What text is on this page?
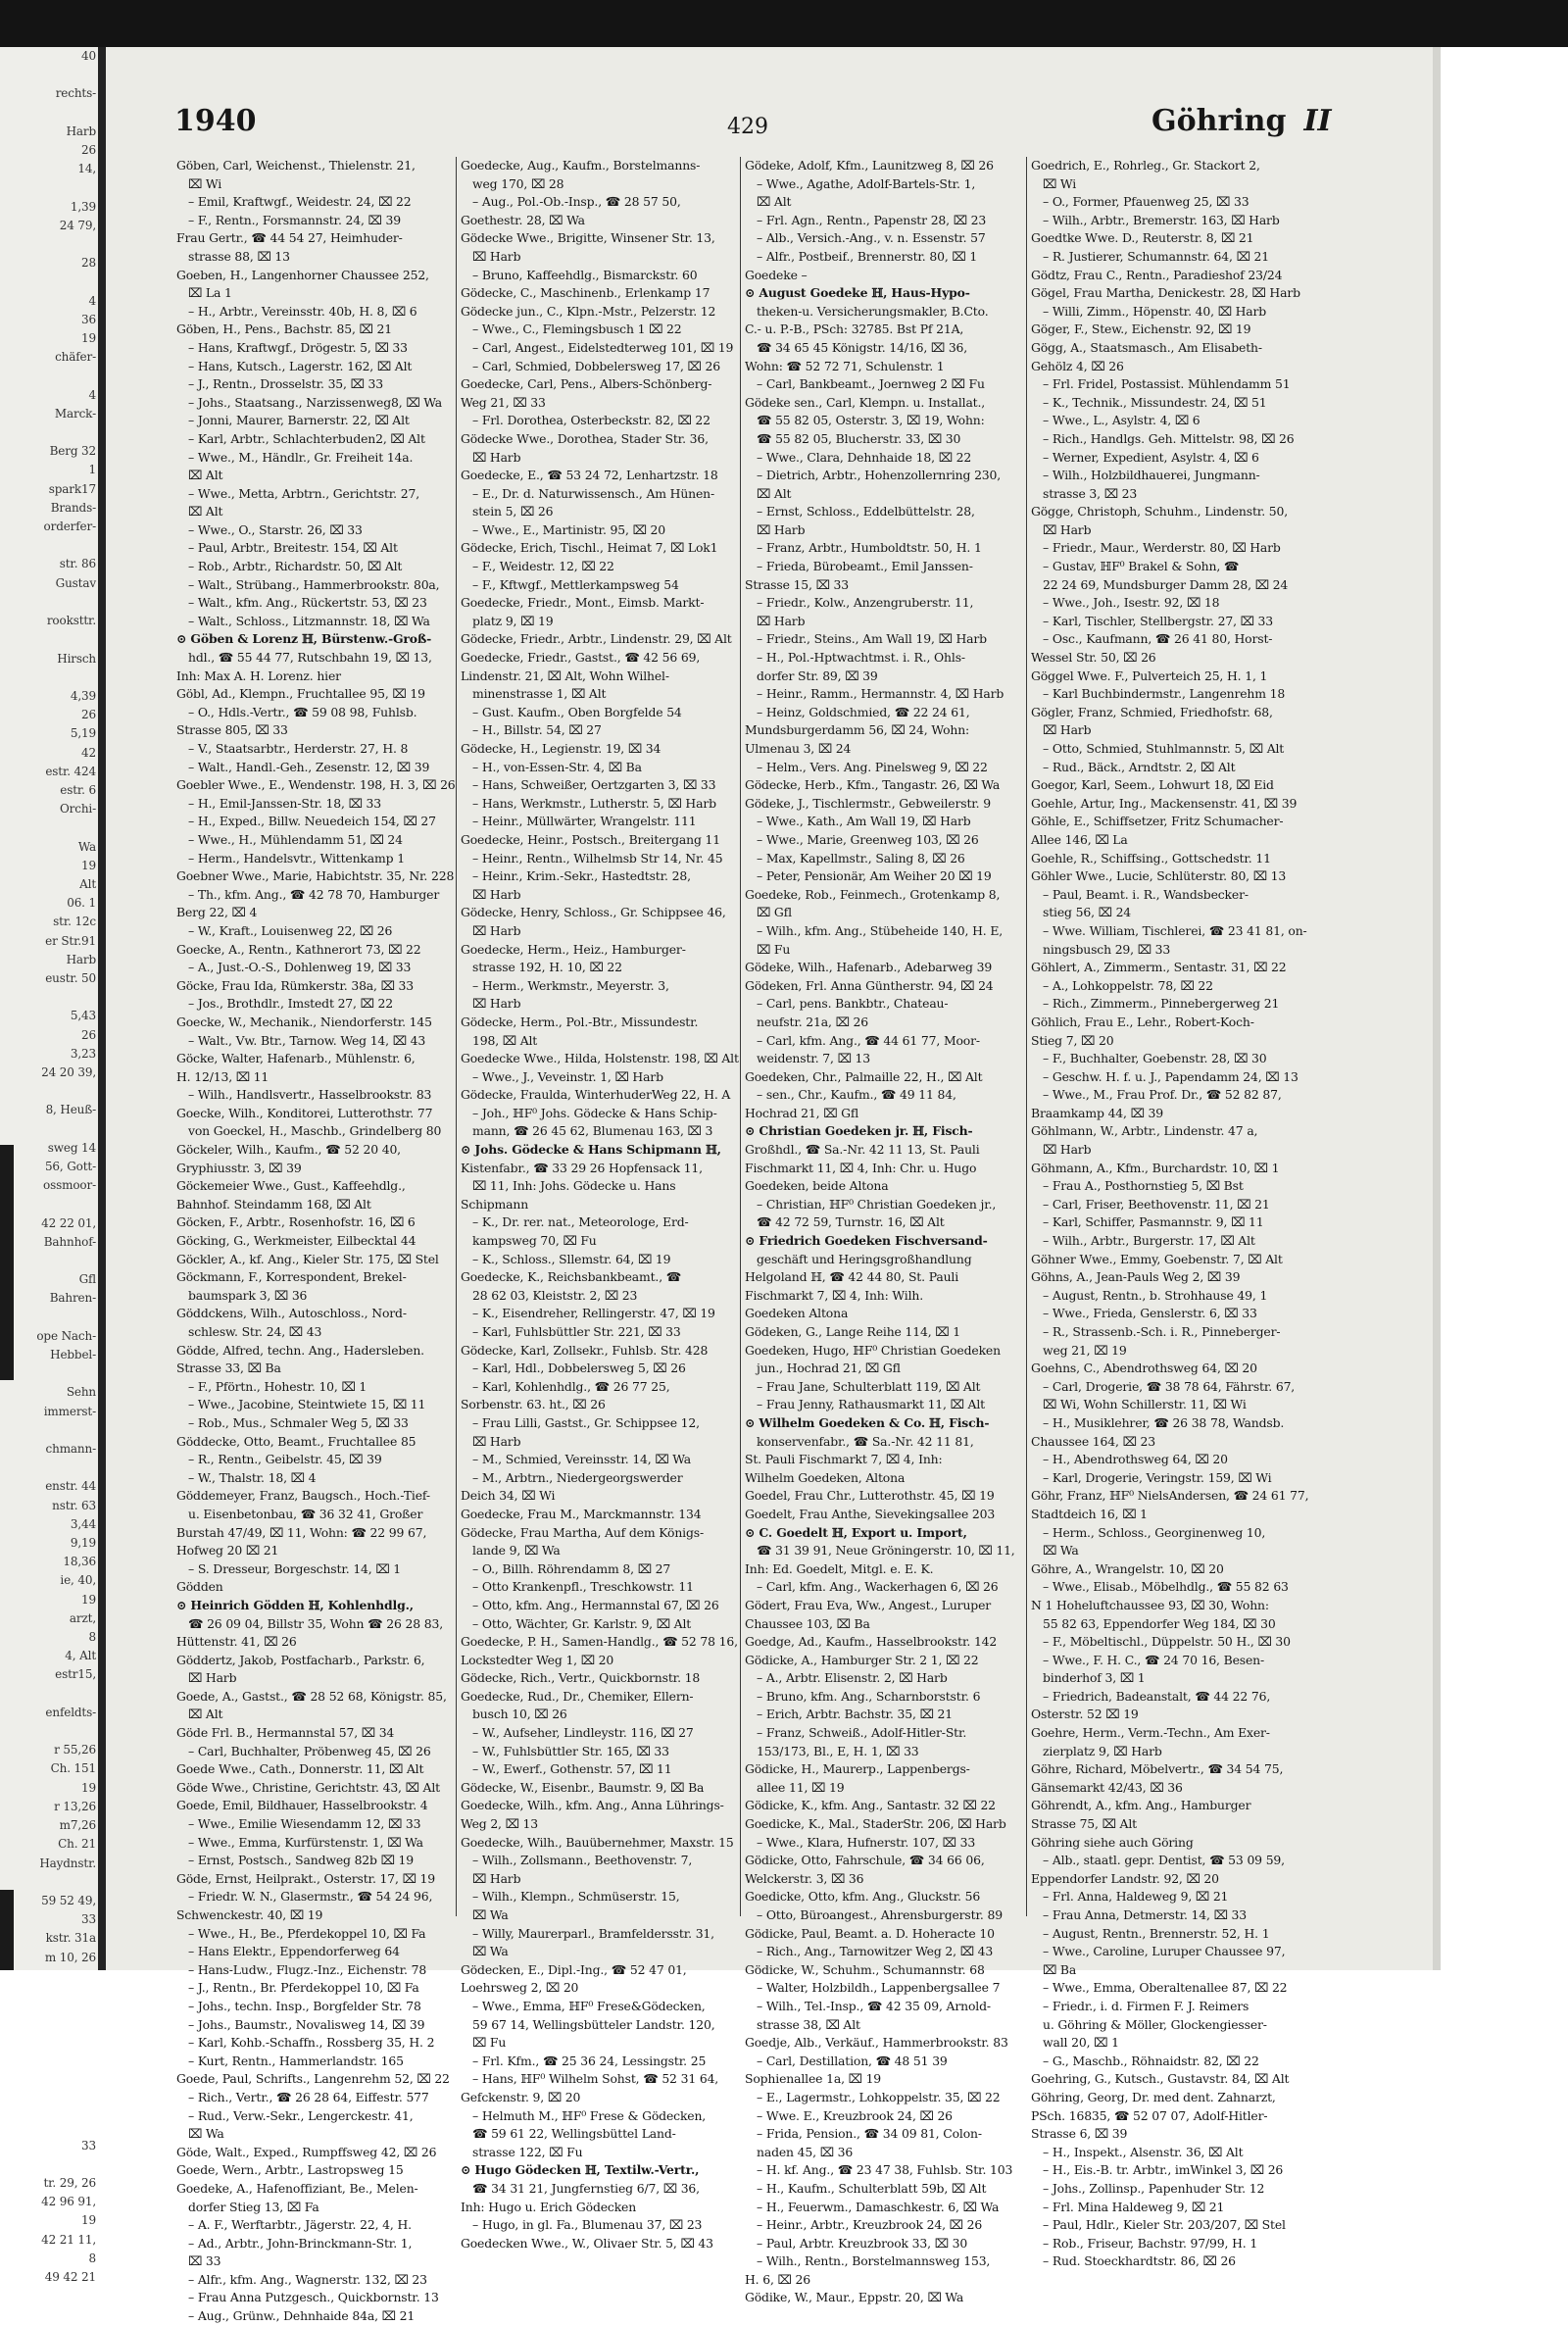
40

rechts-

Harb
26
14,

1,39
24 79,

28

4
36
19
chäfer-

4
Marck-

Berg 32
1
spark17
Brands-
orderfer-

str. 86
Gustav

rooksttr.

Hirsch

4,39
26
5,19
42
estr. 424
estr. 6
Orchi-

Wa
19
Alt
06. 1
str. 12c
er Str.91
Harb
eustr. 50

5,43
26
3,23
24 20 39,

8, Heuß-

sweg 14
56, Gott-
ossmoor-

42 22 01,
Bahnhof-

Gfl
Bahren-

ope Nach-
Hebbel-

Sehn
immerst-

chmann-

enstr. 44
nstr. 63
3,44
9,19
18,36
ie, 40,
19
arzt,
8
4, Alt
estr15,

enfeldts-

r 55,26
Ch. 151
19
r 13,26
m7,26
Ch. 21
Haydnstr.

59 52 49,
33
kstr. 31a
m 10, 26

33

tr. 29, 26
42 96 91,
19
42 21 11,
8
49 42 21
1940	429	Göhring II
Göben, Carl, Weichenst., Thielenstr. 21,
⌧ Wi
– Emil, Kraftwgf., Weidestr. 24, ⌧ 22
– F., Rentn., Forsmannstr. 24, ⌧ 39
Frau Gertr., ☎ 44 54 27, Heimhuder-
strasse 88, ⌧ 13
Goeben, H., Langenhorner Chaussee 252,
⌧ La 1
– H., Arbtr., Vereinsstr. 40b, H. 8, ⌧ 6
Göben, H., Pens., Bachstr. 85, ⌧ 21
– Hans, Kraftwgf., Drögestr. 5, ⌧ 33
– Hans, Kutsch., Lagerstr. 162, ⌧ Alt
– J., Rentn., Drosselstr. 35, ⌧ 33
– Johs., Staatsang., Narzissenweg8, ⌧ Wa
– Jonni, Maurer, Barnerstr. 22, ⌧ Alt
– Karl, Arbtr., Schlachterbuden2, ⌧ Alt
– Wwe., M., Händlr., Gr. Freiheit 14a.
⌧ Alt
– Wwe., Metta, Arbtrn., Gerichtstr. 27,
⌧ Alt
– Wwe., O., Starstr. 26, ⌧ 33
– Paul, Arbtr., Breitestr. 154, ⌧ Alt
– Rob., Arbtr., Richardstr. 50, ⌧ Alt
– Walt., Strübang., Hammerbrookstr. 80a,
– Walt., kfm. Ang., Rückertstr. 53, ⌧ 23
– Walt., Schloss., Litzmannstr. 18, ⌧ Wa
⊙ Göben & Lorenz ℍ, Bürstenw.-Groß-
hdl., ☎ 55 44 77, Rutschbahn 19, ⌧ 13,
Inh: Max A. H. Lorenz. hier
Göbl, Ad., Klempn., Fruchtallee 95, ⌧ 19
– O., Hdls.-Vertr., ☎ 59 08 98, Fuhlsb.
Strasse 805, ⌧ 33
– V., Staatsarbtr., Herderstr. 27, H. 8
– Walt., Handl.-Geh., Zesenstr. 12, ⌧ 39
Goebler Wwe., E., Wendenstr. 198, H. 3, ⌧ 26
– H., Emil-Janssen-Str. 18, ⌧ 33
– H., Exped., Billw. Neuedeich 154, ⌧ 27
– Wwe., H., Mühlendamm 51, ⌧ 24
– Herm., Handelsvtr., Wittenkamp 1
Goebner Wwe., Marie, Habichtstr. 35, Nr. 228
– Th., kfm. Ang., ☎ 42 78 70, Hamburger
Berg 22, ⌧ 4
– W., Kraft., Louisenweg 22, ⌧ 26
Goecke, A., Rentn., Kathnerort 73, ⌧ 22
– A., Just.-O.-S., Dohlenweg 19, ⌧ 33
Göcke, Frau Ida, Rümkerstr. 38a, ⌧ 33
– Jos., Brothdlr., Imstedt 27, ⌧ 22
Goecke, W., Mechanik., Niendorferstr. 145
– Walt., Vw. Btr., Tarnow. Weg 14, ⌧ 43
Göcke, Walter, Hafenarb., Mühlenstr. 6,
H. 12/13, ⌧ 11
– Wilh., Handlsvertr., Hasselbrookstr. 83
Goecke, Wilh., Konditorei, Lutterothstr. 77
von Goeckel, H., Maschb., Grindelberg 80
Göckeler, Wilh., Kaufm., ☎ 52 20 40,
Gryphiusstr. 3, ⌧ 39
Göckemeier Wwe., Gust., Kaffeehdlg.,
Bahnhof. Steindamm 168, ⌧ Alt
Göcken, F., Arbtr., Rosenhofstr. 16, ⌧ 6
Göcking, G., Werkmeister, Eilbecktal 44
Göckler, A., kf. Ang., Kieler Str. 175, ⌧ Stel
Göckmann, F., Korrespondent, Brekel-
baumspark 3, ⌧ 36
Göddckens, Wilh., Autoschloss., Nord-
schlesw. Str. 24, ⌧ 43
Gödde, Alfred, techn. Ang., Hadersleben.
Strasse 33, ⌧ Ba
– F., Pförtn., Hohestr. 10, ⌧ 1
– Wwe., Jacobine, Steintwiete 15, ⌧ 11
– Rob., Mus., Schmaler Weg 5, ⌧ 33
Göddecke, Otto, Beamt., Fruchtallee 85
– R., Rentn., Geibelstr. 45, ⌧ 39
– W., Thalstr. 18, ⌧ 4
Göddemeyer, Franz, Baugsch., Hoch.-Tief-
u. Eisenbetonbau, ☎ 36 32 41, Großer
Burstah 47/49, ⌧ 11, Wohn: ☎ 22 99 67,
Hofweg 20 ⌧ 21
– S. Dresseur, Borgeschstr. 14, ⌧ 1
Gödden
⊙ Heinrich Gödden ℍ, Kohlenhdlg.,
☎ 26 09 04, Billstr 35, Wohn ☎ 26 28 83,
Hüttenstr. 41, ⌧ 26
Göddertz, Jakob, Postfacharb., Parkstr. 6,
⌧ Harb
Goede, A., Gastst., ☎ 28 52 68, Königstr. 85,
⌧ Alt
Göde Frl. B., Hermannstal 57, ⌧ 34
– Carl, Buchhalter, Pröbenweg 45, ⌧ 26
Goede Wwe., Cath., Donnerstr. 11, ⌧ Alt
Göde Wwe., Christine, Gerichtstr. 43, ⌧ Alt
Goede, Emil, Bildhauer, Hasselbrookstr. 4
– Wwe., Emilie Wiesendamm 12, ⌧ 33
– Wwe., Emma, Kurfürstenstr. 1, ⌧ Wa
– Ernst, Postsch., Sandweg 82b ⌧ 19
Göde, Ernst, Heilprakt., Osterstr. 17, ⌧ 19
– Friedr. W. N., Glasermstr., ☎ 54 24 96,
Schwenckestr. 40, ⌧ 19
– Wwe., H., Be., Pferdekoppel 10, ⌧ Fa
– Hans Elektr., Eppendorferweg 64
– Hans-Ludw., Flugz.-Inz., Eichenstr. 78
– J., Rentn., Br. Pferdekoppel 10, ⌧ Fa
– Johs., techn. Insp., Borgfelder Str. 78
– Johs., Baumstr., Novalisweg 14, ⌧ 39
– Karl, Kohb.-Schaffn., Rossberg 35, H. 2
– Kurt, Rentn., Hammerlandstr. 165
Goede, Paul, Schrifts., Langenrehm 52, ⌧ 22
– Rich., Vertr., ☎ 26 28 64, Eiffestr. 577
– Rud., Verw.-Sekr., Lengerckestr. 41,
⌧ Wa
Göde, Walt., Exped., Rumpffsweg 42, ⌧ 26
Goede, Wern., Arbtr., Lastropsweg 15
Goedeke, A., Hafenoffiziant, Be., Melen-
dorfer Stieg 13, ⌧ Fa
– A. F., Werftarbtr., Jägerstr. 22, 4, H.
– Ad., Arbtr., John-Brinckmann-Str. 1,
⌧ 33
– Alfr., kfm. Ang., Wagnerstr. 132, ⌧ 23
– Frau Anna Putzgesch., Quickbornstr. 13
– Aug., Grünw., Dehnhaide 84a, ⌧ 21
Goedecke, Aug., Kaufm., Borstelmanns-
weg 170, ⌧ 28
– Aug., Pol.-Ob.-Insp., ☎ 28 57 50,
Goethestr. 28, ⌧ Wa
Gödecke Wwe., Brigitte, Winsener Str. 13,
⌧ Harb
– Bruno, Kaffeehdlg., Bismarckstr. 60
Gödecke, C., Maschinenb., Erlenkamp 17
Gödecke jun., C., Klpn.-Mstr., Pelzerstr. 12
– Wwe., C., Flemingsbusch 1 ⌧ 22
– Carl, Angest., Eidelstedterweg 101, ⌧ 19
– Carl, Schmied, Dobbelersweg 17, ⌧ 26
Goedecke, Carl, Pens., Albers-Schönberg-
Weg 21, ⌧ 33
– Frl. Dorothea, Osterbeckstr. 82, ⌧ 22
Gödecke Wwe., Dorothea, Stader Str. 36,
⌧ Harb
Goedecke, E., ☎ 53 24 72, Lenhartzstr. 18
– E., Dr. d. Naturwissensch., Am Hünen-
stein 5, ⌧ 26
– Wwe., E., Martinistr. 95, ⌧ 20
Gödecke, Erich, Tischl., Heimat 7, ⌧ Lok1
– F., Weidestr. 12, ⌧ 22
– F., Kftwgf., Mettlerkampsweg 54
Goedecke, Friedr., Mont., Eimsb. Markt-
platz 9, ⌧ 19
Gödecke, Friedr., Arbtr., Lindenstr. 29, ⌧ Alt
Goedecke, Friedr., Gastst., ☎ 42 56 69,
Lindenstr. 21, ⌧ Alt, Wohn Wilhel-
minenstrasse 1, ⌧ Alt
– Gust. Kaufm., Oben Borgfelde 54
– H., Billstr. 54, ⌧ 27
Gödecke, H., Legienstr. 19, ⌧ 34
– H., von-Essen-Str. 4, ⌧ Ba
– Hans, Schweißer, Oertzgarten 3, ⌧ 33
– Hans, Werkmstr., Lutherstr. 5, ⌧ Harb
– Heinr., Müllwärter, Wrangelstr. 111
Goedecke, Heinr., Postsch., Breitergang 11
– Heinr., Rentn., Wilhelmsb Str 14, Nr. 45
– Heinr., Krim.-Sekr., Hastedtstr. 28,
⌧ Harb
Gödecke, Henry, Schloss., Gr. Schippsee 46,
⌧ Harb
Goedecke, Herm., Heiz., Hamburger-
strasse 192, H. 10, ⌧ 22
– Herm., Werkmstr., Meyerstr. 3,
⌧ Harb
Gödecke, Herm., Pol.-Btr., Missundestr.
198, ⌧ Alt
Goedecke Wwe., Hilda, Holstenstr. 198, ⌧ Alt
– Wwe., J., Veveinstr. 1, ⌧ Harb
Gödecke, Fraulda, WinterhuderWeg 22, H. A
– Joh., ℍF⁰ Johs. Gödecke & Hans Schip-
mann, ☎ 26 45 62, Blumenau 163, ⌧ 3
⊙ Johs. Gödecke & Hans Schipmann ℍ,
Kistenfabr., ☎ 33 29 26 Hopfensack 11,
⌧ 11, Inh: Johs. Gödecke u. Hans
Schipmann
– K., Dr. rer. nat., Meteorologe, Erd-
kampsweg 70, ⌧ Fu
– K., Schloss., Sllemstr. 64, ⌧ 19
Goedecke, K., Reichsbankbeamt., ☎
28 62 03, Kleiststr. 2, ⌧ 23
– K., Eisendreher, Rellingerstr. 47, ⌧ 19
– Karl, Fuhlsbüttler Str. 221, ⌧ 33
Gödecke, Karl, Zollsekr., Fuhlsb. Str. 428
– Karl, Hdl., Dobbelersweg 5, ⌧ 26
– Karl, Kohlenhdlg., ☎ 26 77 25,
Sorbenstr. 63. ht., ⌧ 26
– Frau Lilli, Gastst., Gr. Schippsee 12,
⌧ Harb
– M., Schmied, Vereinsstr. 14, ⌧ Wa
– M., Arbtrn., Niedergeorgswerder
Deich 34, ⌧ Wi
Goedecke, Frau M., Marckmannstr. 134
Gödecke, Frau Martha, Auf dem Königs-
lande 9, ⌧ Wa
– O., Billh. Röhrendamm 8, ⌧ 27
– Otto Krankenpfl., Treschkowstr. 11
– Otto, kfm. Ang., Hermannstal 67, ⌧ 26
– Otto, Wächter, Gr. Karlstr. 9, ⌧ Alt
Goedecke, P. H., Samen-Handlg., ☎ 52 78 16,
Lockstedter Weg 1, ⌧ 20
Gödecke, Rich., Vertr., Quickbornstr. 18
Goedecke, Rud., Dr., Chemiker, Ellern-
busch 10, ⌧ 26
– W., Aufseher, Lindleystr. 116, ⌧ 27
– W., Fuhlsbüttler Str. 165, ⌧ 33
– W., Ewerf., Gothenstr. 57, ⌧ 11
Gödecke, W., Eisenbr., Baumstr. 9, ⌧ Ba
Goedecke, Wilh., kfm. Ang., Anna Lührings-
Weg 2, ⌧ 13
Goedecke, Wilh., Bauübernehmer, Maxstr. 15
– Wilh., Zollsmann., Beethovenstr. 7,
⌧ Harb
– Wilh., Klempn., Schmüserstr. 15,
⌧ Wa
– Willy, Maurerparl., Bramfeldersstr. 31,
⌧ Wa
Gödecken, E., Dipl.-Ing., ☎ 52 47 01,
Loehrsweg 2, ⌧ 20
– Wwe., Emma, ℍF⁰ Frese&Gödecken,
59 67 14, Wellingsbütteler Landstr. 120,
⌧ Fu
– Frl. Kfm., ☎ 25 36 24, Lessingstr. 25
– Hans, ℍF⁰ Wilhelm Sohst, ☎ 52 31 64,
Gefckenstr. 9, ⌧ 20
– Helmuth M., ℍF⁰ Frese & Gödecken,
☎ 59 61 22, Wellingsbüttel Land-
strasse 122, ⌧ Fu
⊙ Hugo Gödecken ℍ, Textilw.-Vertr.,
☎ 34 31 21, Jungfernstieg 6/7, ⌧ 36,
Inh: Hugo u. Erich Gödecken
– Hugo, in gl. Fa., Blumenau 37, ⌧ 23
Goedecken Wwe., W., Olivaer Str. 5, ⌧ 43
Gödeke, Adolf, Kfm., Launitzweg 8, ⌧ 26
– Wwe., Agathe, Adolf-Bartels-Str. 1,
⌧ Alt
– Frl. Agn., Rentn., Papenstr 28, ⌧ 23
– Alb., Versich.-Ang., v. n. Essenstr. 57
– Alfr., Postbeif., Brennerstr. 80, ⌧ 1
Goedeke –
⊙ August Goedeke ℍ, Haus-Hypo-
theken-u. Versicherungsmakler, B.Cto.
C.- u. P.-B., PSch: 32785. Bst Pf 21A,
☎ 34 65 45 Königstr. 14/16, ⌧ 36,
Wohn: ☎ 52 72 71, Schulenstr. 1
– Carl, Bankbeamt., Joernweg 2 ⌧ Fu
Gödeke sen., Carl, Klempn. u. Installat.,
☎ 55 82 05, Osterstr. 3, ⌧ 19, Wohn:
☎ 55 82 05, Blucherstr. 33, ⌧ 30
– Wwe., Clara, Dehnhaide 18, ⌧ 22
– Dietrich, Arbtr., Hohenzollernring 230,
⌧ Alt
– Ernst, Schloss., Eddelbüttelstr. 28,
⌧ Harb
– Franz, Arbtr., Humboldtstr. 50, H. 1
– Frieda, Bürobeamt., Emil Janssen-
Strasse 15, ⌧ 33
– Friedr., Kolw., Anzengruberstr. 11,
⌧ Harb
– Friedr., Steins., Am Wall 19, ⌧ Harb
– H., Pol.-Hptwachtmst. i. R., Ohls-
dorfer Str. 89, ⌧ 39
– Heinr., Ramm., Hermannstr. 4, ⌧ Harb
– Heinz, Goldschmied, ☎ 22 24 61,
Mundsburgerdamm 56, ⌧ 24, Wohn:
Ulmenau 3, ⌧ 24
– Helm., Vers. Ang. Pinelsweg 9, ⌧ 22
Gödecke, Herb., Kfm., Tangastr. 26, ⌧ Wa
Gödeke, J., Tischlermstr., Gebweilerstr. 9
– Wwe., Kath., Am Wall 19, ⌧ Harb
– Wwe., Marie, Greenweg 103, ⌧ 26
– Max, Kapellmstr., Saling 8, ⌧ 26
– Peter, Pensionär, Am Weiher 20 ⌧ 19
Goedeke, Rob., Feinmech., Grotenkamp 8,
⌧ Gfl
– Wilh., kfm. Ang., Stübeheide 140, H. E,
⌧ Fu
Gödeke, Wilh., Hafenarb., Adebarweg 39
Gödeken, Frl. Anna Güntherstr. 94, ⌧ 24
– Carl, pens. Bankbtr., Chateau-
neufstr. 21a, ⌧ 26
– Carl, kfm. Ang., ☎ 44 61 77, Moor-
weidenstr. 7, ⌧ 13
Goedeken, Chr., Palmaille 22, H., ⌧ Alt
– sen., Chr., Kaufm., ☎ 49 11 84,
Hochrad 21, ⌧ Gfl
⊙ Christian Goedeken jr. ℍ, Fisch-
Großhdl., ☎ Sa.-Nr. 42 11 13, St. Pauli
Fischmarkt 11, ⌧ 4, Inh: Chr. u. Hugo
Goedeken, beide Altona
– Christian, ℍF⁰ Christian Goedeken jr.,
☎ 42 72 59, Turnstr. 16, ⌧ Alt
⊙ Friedrich Goedeken Fischversand-
geschäft und Heringsgroßhandlung
Helgoland ℍ, ☎ 42 44 80, St. Pauli
Fischmarkt 7, ⌧ 4, Inh: Wilh.
Goedeken Altona
Gödeken, G., Lange Reihe 114, ⌧ 1
Goedeken, Hugo, ℍF⁰ Christian Goedeken
jun., Hochrad 21, ⌧ Gfl
– Frau Jane, Schulterblatt 119, ⌧ Alt
– Frau Jenny, Rathausmarkt 11, ⌧ Alt
⊙ Wilhelm Goedeken & Co. ℍ, Fisch-
konservenfabr., ☎ Sa.-Nr. 42 11 81,
St. Pauli Fischmarkt 7, ⌧ 4, Inh:
Wilhelm Goedeken, Altona
Goedel, Frau Chr., Lutterothstr. 45, ⌧ 19
Goedelt, Frau Anthe, Sievekingsallee 203
⊙ C. Goedelt ℍ, Export u. Import,
☎ 31 39 91, Neue Gröningerstr. 10, ⌧ 11,
Inh: Ed. Goedelt, Mitgl. e. E. K.
– Carl, kfm. Ang., Wackerhagen 6, ⌧ 26
Gödert, Frau Eva, Ww., Angest., Luruper
Chaussee 103, ⌧ Ba
Goedge, Ad., Kaufm., Hasselbrookstr. 142
Gödicke, A., Hamburger Str. 2 1, ⌧ 22
– A., Arbtr. Elisenstr. 2, ⌧ Harb
– Bruno, kfm. Ang., Scharnborststr. 6
– Erich, Arbtr. Bachstr. 35, ⌧ 21
– Franz, Schweiß., Adolf-Hitler-Str.
153/173, Bl., E, H. 1, ⌧ 33
Gödicke, H., Maurerp., Lappenbergs-
allee 11, ⌧ 19
Gödicke, K., kfm. Ang., Santastr. 32 ⌧ 22
Goedicke, K., Mal., StaderStr. 206, ⌧ Harb
– Wwe., Klara, Hufnerstr. 107, ⌧ 33
Gödicke, Otto, Fahrschule, ☎ 34 66 06,
Welckerstr. 3, ⌧ 36
Goedicke, Otto, kfm. Ang., Gluckstr. 56
– Otto, Büroangest., Ahrensburgerstr. 89
Gödicke, Paul, Beamt. a. D. Hoheracte 10
– Rich., Ang., Tarnowitzer Weg 2, ⌧ 43
Gödicke, W., Schuhm., Schumannstr. 68
– Walter, Holzbildh., Lappenbergsallee 7
– Wilh., Tel.-Insp., ☎ 42 35 09, Arnold-
strasse 38, ⌧ Alt
Goedje, Alb., Verkäuf., Hammerbrookstr. 83
– Carl, Destillation, ☎ 48 51 39
Sophienallee 1a, ⌧ 19
– E., Lagermstr., Lohkoppelstr. 35, ⌧ 22
– Wwe. E., Kreuzbrook 24, ⌧ 26
– Frida, Pension., ☎ 34 09 81, Colon-
naden 45, ⌧ 36
– H. kf. Ang., ☎ 23 47 38, Fuhlsb. Str. 103
– H., Kaufm., Schulterblatt 59b, ⌧ Alt
– H., Feuerwm., Damaschkestr. 6, ⌧ Wa
– Heinr., Arbtr., Kreuzbrook 24, ⌧ 26
– Paul, Arbtr. Kreuzbrook 33, ⌧ 30
– Wilh., Rentn., Borstelmannsweg 153,
H. 6, ⌧ 26
Gödike, W., Maur., Eppstr. 20, ⌧ Wa
Goedrich, E., Rohrleg., Gr. Stackort 2,
⌧ Wi
– O., Former, Pfauenweg 25, ⌧ 33
– Wilh., Arbtr., Bremerstr. 163, ⌧ Harb
Goedtke Wwe. D., Reuterstr. 8, ⌧ 21
– R. Justierer, Schumannstr. 64, ⌧ 21
Gödtz, Frau C., Rentn., Paradieshof 23/24
Gögel, Frau Martha, Denickestr. 28, ⌧ Harb
– Willi, Zimm., Höpenstr. 40, ⌧ Harb
Göger, F., Stew., Eichenstr. 92, ⌧ 19
Gögg, A., Staatsmasch., Am Elisabeth-
Gehölz 4, ⌧ 26
– Frl. Fridel, Postassist. Mühlendamm 51
– K., Technik., Missundestr. 24, ⌧ 51
– Wwe., L., Asylstr. 4, ⌧ 6
– Rich., Handlgs. Geh. Mittelstr. 98, ⌧ 26
– Werner, Expedient, Asylstr. 4, ⌧ 6
– Wilh., Holzbildhauerei, Jungmann-
strasse 3, ⌧ 23
Gögge, Christoph, Schuhm., Lindenstr. 50,
⌧ Harb
– Friedr., Maur., Werderstr. 80, ⌧ Harb
– Gustav, ℍF⁰ Brakel & Sohn, ☎
22 24 69, Mundsburger Damm 28, ⌧ 24
– Wwe., Joh., Isestr. 92, ⌧ 18
– Karl, Tischler, Stellbergstr. 27, ⌧ 33
– Osc., Kaufmann, ☎ 26 41 80, Horst-
Wessel Str. 50, ⌧ 26
Göggel Wwe. F., Pulverteich 25, H. 1, 1
– Karl Buchbindermstr., Langenrehm 18
Gögler, Franz, Schmied, Friedhofstr. 68,
⌧ Harb
– Otto, Schmied, Stuhlmannstr. 5, ⌧ Alt
– Rud., Bäck., Arndtstr. 2, ⌧ Alt
Goegor, Karl, Seem., Lohwurt 18, ⌧ Eid
Goehle, Artur, Ing., Mackensenstr. 41, ⌧ 39
Göhle, E., Schiffsetzer, Fritz Schumacher-
Allee 146, ⌧ La
Goehle, R., Schiffsing., Gottschedstr. 11
Göhler Wwe., Lucie, Schlüterstr. 80, ⌧ 13
– Paul, Beamt. i. R., Wandsbecker-
stieg 56, ⌧ 24
– Wwe. William, Tischlerei, ☎ 23 41 81, on-
ningsbusch 29, ⌧ 33
Göhlert, A., Zimmerm., Sentastr. 31, ⌧ 22
– A., Lohkoppelstr. 78, ⌧ 22
– Rich., Zimmerm., Pinnebergerweg 21
Göhlich, Frau E., Lehr., Robert-Koch-
Stieg 7, ⌧ 20
– F., Buchhalter, Goebenstr. 28, ⌧ 30
– Geschw. H. f. u. J., Papendamm 24, ⌧ 13
– Wwe., M., Frau Prof. Dr., ☎ 52 82 87,
Braamkamp 44, ⌧ 39
Göhlmann, W., Arbtr., Lindenstr. 47 a,
⌧ Harb
Göhmann, A., Kfm., Burchardstr. 10, ⌧ 1
– Frau A., Posthornstieg 5, ⌧ Bst
– Carl, Friser, Beethovenstr. 11, ⌧ 21
– Karl, Schiffer, Pasmannstr. 9, ⌧ 11
– Wilh., Arbtr., Burgerstr. 17, ⌧ Alt
Göhner Wwe., Emmy, Goebenstr. 7, ⌧ Alt
Göhns, A., Jean-Pauls Weg 2, ⌧ 39
– August, Rentn., b. Strohhause 49, 1
– Wwe., Frieda, Genslerstr. 6, ⌧ 33
– R., Strassenb.-Sch. i. R., Pinneberger-
weg 21, ⌧ 19
Goehns, C., Abendrothsweg 64, ⌧ 20
– Carl, Drogerie, ☎ 38 78 64, Fährstr. 67,
⌧ Wi, Wohn Schillerstr. 11, ⌧ Wi
– H., Musiklehrer, ☎ 26 38 78, Wandsb.
Chaussee 164, ⌧ 23
– H., Abendrothsweg 64, ⌧ 20
– Karl, Drogerie, Veringstr. 159, ⌧ Wi
Göhr, Franz, ℍF⁰ NielsAndersen, ☎ 24 61 77,
Stadtdeich 16, ⌧ 1
– Herm., Schloss., Georginenweg 10,
⌧ Wa
Göhre, A., Wrangelstr. 10, ⌧ 20
– Wwe., Elisab., Möbelhdlg., ☎ 55 82 63
N 1 Hoheluftchaussee 93, ⌧ 30, Wohn:
55 82 63, Eppendorfer Weg 184, ⌧ 30
– F., Möbeltischl., Düppelstr. 50 H., ⌧ 30
– Wwe., F. H. C., ☎ 24 70 16, Besen-
binderhof 3, ⌧ 1
– Friedrich, Badeanstalt, ☎ 44 22 76,
Osterstr. 52 ⌧ 19
Goehre, Herm., Verm.-Techn., Am Exer-
zierplatz 9, ⌧ Harb
Göhre, Richard, Möbelvertr., ☎ 34 54 75,
Gänsemarkt 42/43, ⌧ 36
Göhrendt, A., kfm. Ang., Hamburger
Strasse 75, ⌧ Alt
Göhring siehe auch Göring
– Alb., staatl. gepr. Dentist, ☎ 53 09 59,
Eppendorfer Landstr. 92, ⌧ 20
– Frl. Anna, Haldeweg 9, ⌧ 21
– Frau Anna, Detmerstr. 14, ⌧ 33
– August, Rentn., Brennerstr. 52, H. 1
– Wwe., Caroline, Luruper Chaussee 97,
⌧ Ba
– Wwe., Emma, Oberaltenallee 87, ⌧ 22
– Friedr., i. d. Firmen F. J. Reimers
u. Göhring & Möller, Glockengiesser-
wall 20, ⌧ 1
– G., Maschb., Röhnaidstr. 82, ⌧ 22
Goehring, G., Kutsch., Gustavstr. 84, ⌧ Alt
Göhring, Georg, Dr. med dent. Zahnarzt,
PSch. 16835, ☎ 52 07 07, Adolf-Hitler-
Strasse 6, ⌧ 39
– H., Inspekt., Alsenstr. 36, ⌧ Alt
– H., Eis.-B. tr. Arbtr., imWinkel 3, ⌧ 26
– Johs., Zollinsp., Papenhuder Str. 12
– Frl. Mina Haldeweg 9, ⌧ 21
– Paul, Hdlr., Kieler Str. 203/207, ⌧ Stel
– Rob., Friseur, Bachstr. 97/99, H. 1
– Rud. Stoeckhardtstr. 86, ⌧ 26
